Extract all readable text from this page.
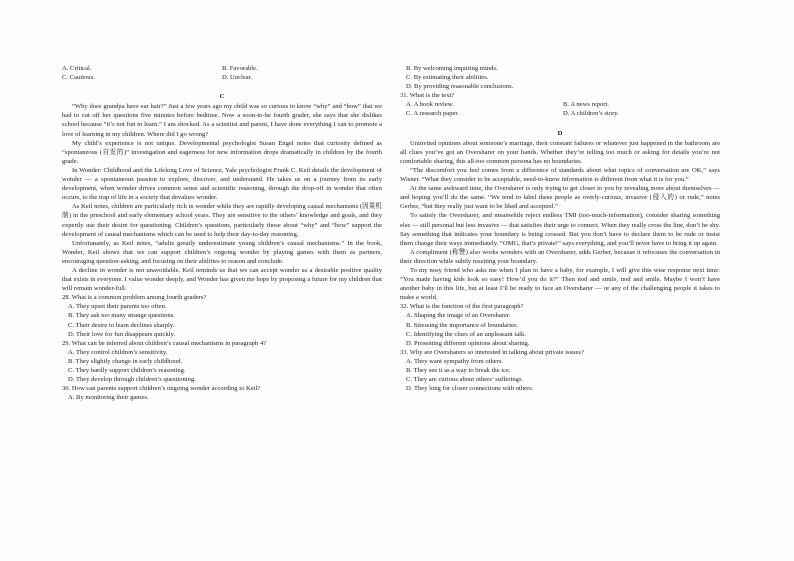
A. Critical.	B. Favorable.
C. Cautious.	D. Unclear.

C

“Why does grandpa have ear hair?” Just a few years ago my child was so curious to know “why” and “how” that we had to cut off her questions five minutes before bedtime. Now a soon-to-be fourth grader, she says that she dislikes school because “it’s not fun to learn.” I am shocked. As a scientist and parent, I have done everything I can to promote a love of learning in my children. Where did I go wrong?

My child’s experience is not unique. Developmental psychologist Susan Engel notes that curiosity defined as “spontaneous (自发的)” investigation and eagerness for new information drops dramatically in children by the fourth grade.

In Wonder: Childhood and the Lifelong Love of Science, Yale psychologist Frank C. Keil details the development of wonder — a spontaneous passion to explore, discover, and understand. He takes us on a journey from its early development, when wonder drives common sense and scientific reasoning, through the drop-off in wonder that often occurs, to the trap of life in a society that devalues wonder.

As Keil notes, children are particularly rich in wonder while they are rapidly developing causal mechanisms (因果机制) in the preschool and early elementary school years. They are sensitive to the others’ knowledge and goals, and they expertly use their desire for questioning. Children’s questions, particularly those about “why” and “how” support the development of causal mechanisms which can be used to help their day-to-day reasoning.

Unfortunately, as Keil notes, “adults greatly underestimate young children’s causal mechanisms.” In the book, Wonder, Keil shows that we can support children’s ongoing wonder by playing games with them as partners, encouraging question-asking, and focusing on their abilities to reason and conclude.

A decline in wonder is not unavoidable. Keil reminds us that we can accept wonder as a desirable positive quality that exists in everyone. I value wonder deeply, and Wonder has given me hope by proposing a future for my children that will remain wonder-full.

28. What is a common problem among fourth graders?

A. They upset their parents too often.

B. They ask too many strange questions.

C. Their desire to learn declines sharply.

D. Their love for fun disappears quickly.

29. What can be inferred about children’s causal mechanisms in paragraph 4?

A. They control children’s sensitivity.

B. They slightly change in early childhood.

C. They hardly support children’s reasoning.

D. They develop through children’s questioning.

30. How can parents support children’s ongoing wonder according to Keil?

A. By monitoring their games.

B. By welcoming inquiring minds.

C. By estimating their abilities.

D. By providing reasonable conclusions.

31. What is the text?

A. A book review.	B. A news report.
C. A research paper.	D. A children’s story.

D

Uninvited opinions about someone’s marriage, their constant failures or whatever just happened in the bathroom are all clues you’ve got an Oversharer on your hands. Whether they’re telling too much or asking for details you’re not comfortable sharing, this all-too common persona has no boundaries.

“The discomfort you feel comes from a difference of standards about what topics of conversation are OK,” says Wisner. “What they consider to be acceptable, need-to-know information is different from what it is for you.”

At the same awkward time, the Oversharer is only trying to get closer to you by revealing more about themselves — and hoping you’ll do the same. “We tend to label these people as overly-curious, invasive (侵入的) or rude,” notes Gerber, “but they really just want to be liked and accepted.”

To satisfy the Oversharer, and meanwhile reject endless TMI (too-much-information), consider sharing something else — still personal but less invasive — that satisfies their urge to connect. When they really cross the line, don’t be shy. Say something that indicates your boundary is being crossed. But you don’t have to declare them to be rude or insist them change their ways immediately. “OMG, that’s private!” says everything, and you’ll never have to bring it up again.

A compliment (称赞) also works wonders with an Oversharer, adds Gerber, because it refocuses the conversation in their direction while subtly resetting your boundary.

To my nosy friend who asks me when I plan to have a baby, for example, I will give this wise response next time: “You made having kids look so easy! How’d you do it?” Then nod and smile, nod and smile. Maybe I won’t have another baby in this life, but at least I’ll be ready to face an Oversharer — or any of the challenging people it takes to make a world.

32. What is the function of the first paragraph?

A. Shaping the image of an Oversharer.

B. Stressing the importance of boundaries.

C. Identifying the clues of an unpleasant talk.

D. Presenting different opinions about sharing.

33. Why are Oversharers so interested in talking about private issues?

A. They want sympathy from others.

B. They see it as a way to break the ice.

C. They are curious about others’ sufferings.

D. They long for closer connections with others.
